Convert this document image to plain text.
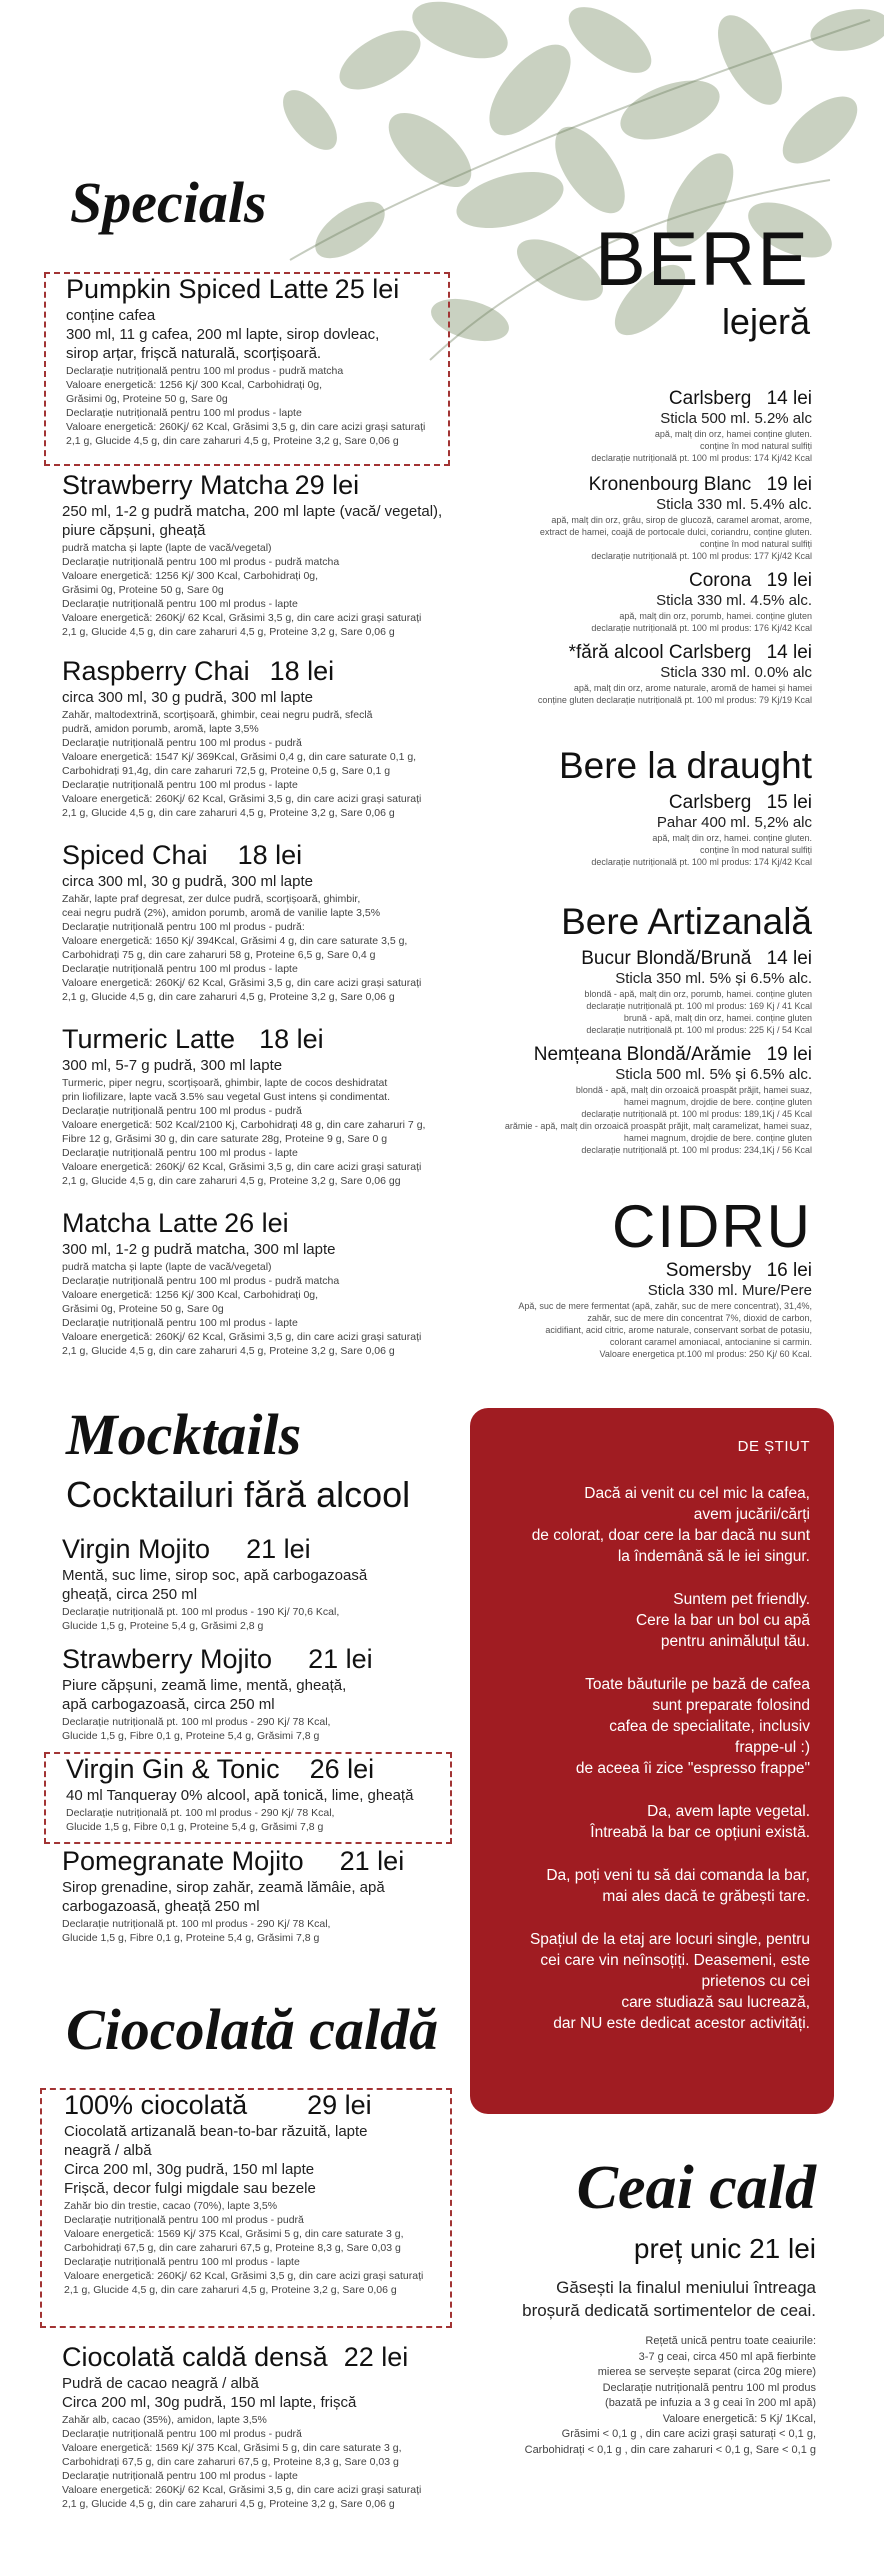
Specials
Pumpkin Spiced Latte 25 lei
conține cafea
300 ml, 11 g cafea, 200 ml lapte, sirop dovleac,
sirop arțar, frișcă naturală, scorțișoară.
Declarație nutrițională pentru 100 ml produs - pudră matcha
Valoare energetică: 1256 Kj/ 300 Kcal, Carbohidrați 0g,
Grăsimi 0g, Proteine 50 g, Sare 0g
Declarație nutrițională pentru 100 ml produs - lapte
Valoare energetică: 260Kj/ 62 Kcal, Grăsimi 3,5 g, din care acizi grași saturați
2,1 g, Glucide 4,5 g, din care zaharuri 4,5 g, Proteine 3,2 g, Sare 0,06 g
Strawberry Matcha 29 lei
250 ml, 1-2 g pudră matcha, 200 ml lapte (vacă/ vegetal),
piure căpșuni, gheață
pudră matcha și lapte (lapte de vacă/vegetal)
Declarație nutrițională pentru 100 ml produs - pudră matcha
Valoare energetică: 1256 Kj/ 300 Kcal, Carbohidrați 0g,
Grăsimi 0g, Proteine 50 g, Sare 0g
Declarație nutrițională pentru 100 ml produs - lapte
Valoare energetică: 260Kj/ 62 Kcal, Grăsimi 3,5 g, din care acizi grași saturați
2,1 g, Glucide 4,5 g, din care zaharuri 4,5 g, Proteine 3,2 g, Sare 0,06 g
Raspberry Chai 18 lei
circa 300 ml, 30 g pudră, 300 ml lapte
Zahăr, maltodextrină, scorțișoară, ghimbir, ceai negru pudră, sfeclă
pudră, amidon porumb, aromă, lapte 3,5%
Declarație nutrițională pentru 100 ml produs - pudră
Valoare energetică: 1547 Kj/ 369Kcal, Grăsimi 0,4 g, din care saturate 0,1 g,
Carbohidrați 91,4g, din care zaharuri 72,5 g, Proteine 0,5 g, Sare 0,1 g
Declarație nutrițională pentru 100 ml produs - lapte
Valoare energetică: 260Kj/ 62 Kcal, Grăsimi 3,5 g, din care acizi grași saturați
2,1 g, Glucide 4,5 g, din care zaharuri 4,5 g, Proteine 3,2 g, Sare 0,06 g
Spiced Chai 18 lei
circa 300 ml, 30 g pudră, 300 ml lapte
Zahăr, lapte praf degresat, zer dulce pudră, scorțișoară, ghimbir,
ceai negru pudră (2%), amidon porumb, aromă de vanilie lapte 3,5%
Declarație nutrițională pentru 100 ml produs - pudră:
Valoare energetică: 1650 Kj/ 394Kcal, Grăsimi 4 g, din care saturate 3,5 g,
Carbohidrați 75 g, din care zaharuri 58 g, Proteine 6,5 g, Sare 0,4 g
Declarație nutrițională pentru 100 ml produs - lapte
Valoare energetică: 260Kj/ 62 Kcal, Grăsimi 3,5 g, din care acizi grași saturați
2,1 g, Glucide 4,5 g, din care zaharuri 4,5 g, Proteine 3,2 g, Sare 0,06 g
Turmeric Latte 18 lei
300 ml, 5-7 g pudră, 300 ml lapte
Turmeric, piper negru, scorțișoară, ghimbir, lapte de cocos deshidratat
prin liofilizare, lapte vacă 3.5% sau vegetal Gust intens și condimentat.
Declarație nutrițională pentru 100 ml produs - pudră
Valoare energetică: 502 Kcal/2100 Kj, Carbohidrați 48 g, din care zaharuri 7 g,
Fibre 12 g, Grăsimi 30 g, din care saturate 28g, Proteine 9 g, Sare 0 g
Declarație nutrițională pentru 100 ml produs - lapte
Valoare energetică: 260Kj/ 62 Kcal, Grăsimi 3,5 g, din care acizi grași saturați
2,1 g, Glucide 4,5 g, din care zaharuri 4,5 g, Proteine 3,2 g, Sare 0,06 gg
Matcha Latte 26 lei
300 ml, 1-2 g pudră matcha, 300 ml lapte
pudră matcha și lapte (lapte de vacă/vegetal)
Declarație nutrițională pentru 100 ml produs - pudră matcha
Valoare energetică: 1256 Kj/ 300 Kcal, Carbohidrați 0g,
Grăsimi 0g, Proteine 50 g, Sare 0g
Declarație nutrițională pentru 100 ml produs - lapte
Valoare energetică: 260Kj/ 62 Kcal, Grăsimi 3,5 g, din care acizi grași saturați
2,1 g, Glucide 4,5 g, din care zaharuri 4,5 g, Proteine 3,2 g, Sare 0,06 g
Mocktails
Cocktailuri fără alcool
Virgin Mojito 21 lei
Mentă, suc lime, sirop soc, apă carbogazoasă
gheață, circa 250 ml
Declarație nutrițională pt. 100 ml produs - 190 Kj/ 70,6 Kcal,
Glucide 1,5 g, Proteine 5,4 g, Grăsimi 2,8 g
Strawberry Mojito 21 lei
Piure căpșuni, zeamă lime, mentă, gheață,
apă carbogazoasă, circa 250 ml
Declarație nutrițională pt. 100 ml produs - 290 Kj/ 78 Kcal,
Glucide 1,5 g, Fibre 0,1 g, Proteine 5,4 g, Grăsimi 7,8 g
Virgin Gin & Tonic 26 lei
40 ml Tanqueray 0% alcool, apă tonică, lime, gheață
Declarație nutrițională pt. 100 ml produs - 290 Kj/ 78 Kcal,
Glucide 1,5 g, Fibre 0,1 g, Proteine 5,4 g, Grăsimi 7,8 g
Pomegranate Mojito 21 lei
Sirop grenadine, sirop zahăr, zeamă lămâie, apă
carbogazoasă, gheață 250 ml
Declarație nutrițională pt. 100 ml produs - 290 Kj/ 78 Kcal,
Glucide 1,5 g, Fibre 0,1 g, Proteine 5,4 g, Grăsimi 7,8 g
Ciocolată caldă
100% ciocolată 29 lei
Ciocolată artizanală bean-to-bar răzuită, lapte
neagră / albă
Circa 200 ml, 30g pudră, 150 ml lapte
Frișcă, decor fulgi migdale sau bezele
Zahăr bio din trestie, cacao (70%), lapte 3,5%
Declarație nutrițională pentru 100 ml produs - pudră
Valoare energetică: 1569 Kj/ 375 Kcal, Grăsimi 5 g, din care saturate 3 g,
Carbohidrați 67,5 g, din care zaharuri 67,5 g, Proteine 8,3 g, Sare 0,03 g
Declarație nutrițională pentru 100 ml produs - lapte
Valoare energetică: 260Kj/ 62 Kcal, Grăsimi 3,5 g, din care acizi grași saturați
2,1 g, Glucide 4,5 g, din care zaharuri 4,5 g, Proteine 3,2 g, Sare 0,06 g
Ciocolată caldă densă 22 lei
Pudră de cacao neagră / albă
Circa 200 ml, 30g pudră, 150 ml lapte, frișcă
Zahăr alb, cacao (35%), amidon, lapte 3,5%
Declarație nutrițională pentru 100 ml produs - pudră
Valoare energetică: 1569 Kj/ 375 Kcal, Grăsimi 5 g, din care saturate 3 g,
Carbohidrați 67,5 g, din care zaharuri 67,5 g, Proteine 8,3 g, Sare 0,03 g
Declarație nutrițională pentru 100 ml produs - lapte
Valoare energetică: 260Kj/ 62 Kcal, Grăsimi 3,5 g, din care acizi grași saturați
2,1 g, Glucide 4,5 g, din care zaharuri 4,5 g, Proteine 3,2 g, Sare 0,06 g
BERE
lejeră
Carlsberg 14 lei
Sticla 500 ml. 5.2% alc
apă, malț din orz, hamei conține gluten.
conține în mod natural sulfiți
declarație nutrițională pt. 100 ml produs: 174 Kj/42 Kcal
Kronenbourg Blanc 19 lei
Sticla 330 ml. 5.4% alc.
apă, malț din orz, grâu, sirop de glucoză, caramel aromat, aromе,
extract de hamei, coajă de portocale dulci, coriandru, conține gluten.
conține în mod natural sulfiți
declarație nutrițională pt. 100 ml produs: 177 Kj/42 Kcal
Corona 19 lei
Sticla 330 ml. 4.5% alc.
apă, malț din orz, porumb, hamei. conține gluten
declarație nutrițională pt. 100 ml produs: 176 Kj/42 Kcal
*fără alcool Carlsberg 14 lei
Sticla 330 ml. 0.0% alc
apă, malț din orz, arome naturale, aromă de hamei și hamei
conține gluten declarație nutrițională pt. 100 ml produs: 79 Kj/19 Kcal
Bere la draught
Carlsberg 15 lei
Pahar 400 ml. 5,2% alc
apă, malț din orz, hamei. conține gluten.
conține în mod natural sulfiți
declarație nutrițională pt. 100 ml produs: 174 Kj/42 Kcal
Bere Artizanală
Bucur Blondă/Brună 14 lei
Sticla 350 ml. 5% și 6.5% alc.
blondă - apă, malț din orz, porumb, hamei. conține gluten
declarație nutrițională pt. 100 ml produs: 169 Kj / 41 Kcal
brună - apă, malț din orz, hamei. conține gluten
declarație nutrițională pt. 100 ml produs: 225 Kj / 54 Kcal
Nemțeana Blondă/Arămie 19 lei
Sticla 500 ml. 5% și 6.5% alc.
blondă - apă, malț din orzoaică proaspăt prăjit, hamei suaz,
hamei magnum, drojdie de bere. conține gluten
declarație nutrițională pt. 100 ml produs: 189,1Kj / 45 Kcal
arămie - apă, malț din orzoaică proaspăt prăjit, malț caramelizat, hamei suaz,
hamei magnum, drojdie de bere. conține gluten
declarație nutrițională pt. 100 ml produs: 234,1Kj / 56 Kcal
CIDRU
Somersby 16 lei
Sticla 330 ml. Mure/Pere
Apă, suc de mere fermentat (apă, zahăr, suc de mere concentrat), 31,4%,
zahăr, suc de mere din concentrat 7%, dioxid de carbon,
acidifiant, acid citric, arome naturale, conservant sorbat de potasiu,
colorant caramel amoniacal, antocianine si carmin.
Valoare energetica pt.100 ml produs: 250 Kj/ 60 Kcal.
DE ȘTIUT

Dacă ai venit cu cel mic la cafea,
avem jucării/cărți
de colorat, doar cere la bar dacă nu sunt
la îndemână să le iei singur.

Suntem pet friendly.
Cere la bar un bol cu apă
pentru animăluțul tău.

Toate băuturile pe bază de cafea
sunt preparate folosind
cafea de specialitate, inclusiv
frappe-ul :)
de aceea îi zice "espresso frappe"

Da, avem lapte vegetal.
Întreabă la bar ce opțiuni există.

Da, poți veni tu să dai comanda la bar,
mai ales dacă te grăbești tare.

Spațiul de la etaj are locuri single, pentru
cei care vin neînsoțiți. Deasemeni, este
prietenos cu cei
care studiază sau lucrează,
dar NU este dedicat acestor activități.

Ceai cald
preț unic 21 lei
Găsești la finalul meniului întreaga
broșură dedicată sortimentelor de ceai.
Rețetă unică pentru toate ceaiurile:
3-7 g ceai, circa 450 ml apă fierbinte
mierea se servește separat (circa 20g miere)
Declarație nutrițională pentru 100 ml produs
(bazată pe infuzia a 3 g ceai în 200 ml apă)
Valoare energetică: 5 Kj/ 1Kcal,
Grăsimi < 0,1 g , din care acizi grași saturați < 0,1 g,
Carbohidrați < 0,1 g , din care zaharuri < 0,1 g, Sare < 0,1 g
